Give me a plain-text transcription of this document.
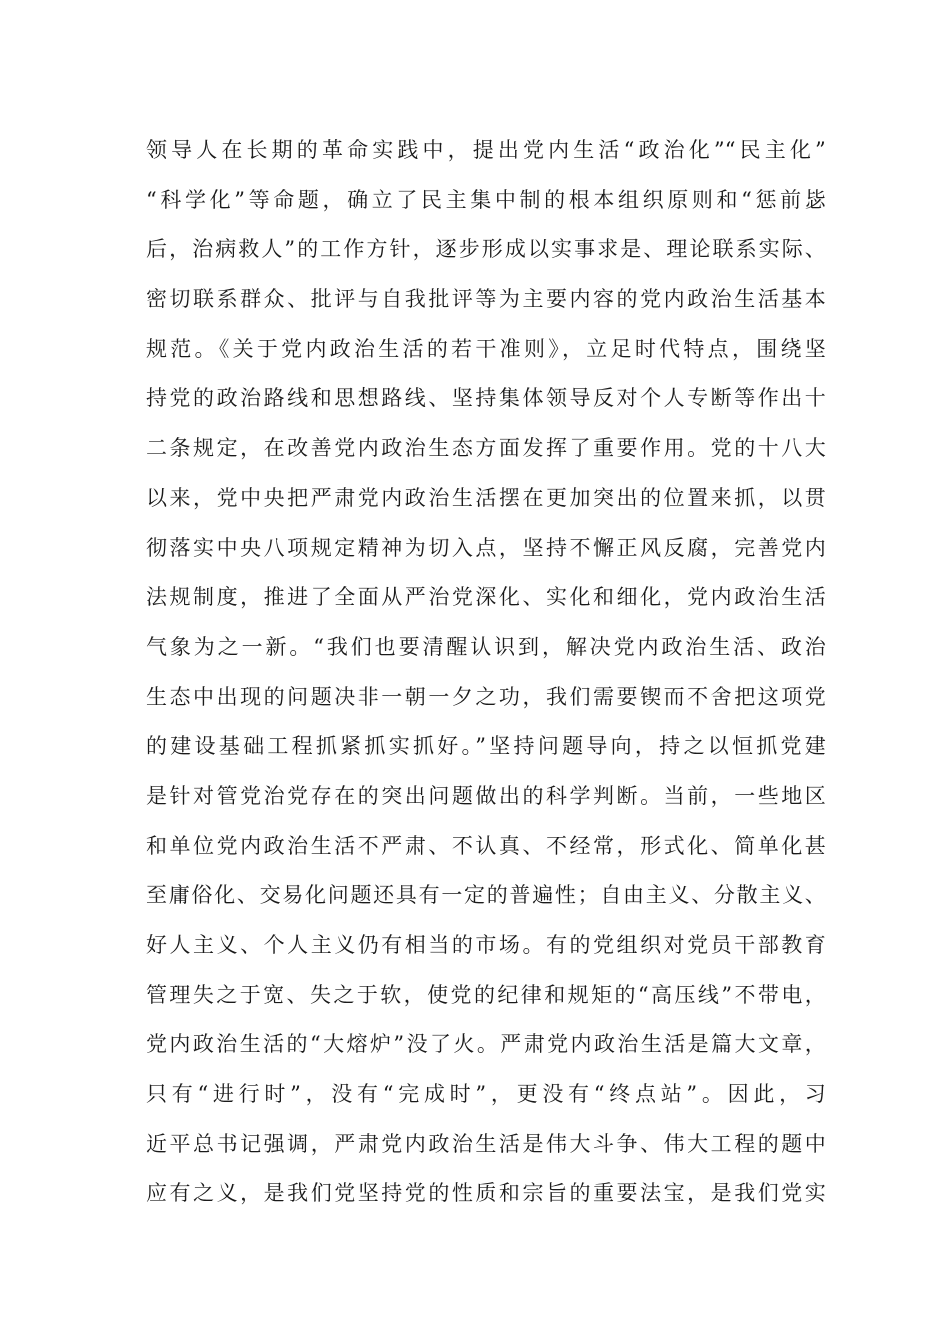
领导人在长期的革命实践中，提出党内生活“政治化”“民主化”
“科学化”等命题，确立了民主集中制的根本组织原则和“惩前毖
后，治病救人”的工作方针，逐步形成以实事求是、理论联系实际、
密切联系群众、批评与自我批评等为主要内容的党内政治生活基本
规范。《关于党内政治生活的若干准则》，立足时代特点，围绕坚
持党的政治路线和思想路线、坚持集体领导反对个人专断等作出十
二条规定，在改善党内政治生态方面发挥了重要作用。党的十八大
以来，党中央把严肃党内政治生活摆在更加突出的位置来抓，以贯
彻落实中央八项规定精神为切入点，坚持不懈正风反腐，完善党内
法规制度，推进了全面从严治党深化、实化和细化，党内政治生活
气象为之一新。“我们也要清醒认识到，解决党内政治生活、政治
生态中出现的问题决非一朝一夕之功，我们需要锲而不舍把这项党
的建设基础工程抓紧抓实抓好。”坚持问题导向，持之以恒抓党建
是针对管党治党存在的突出问题做出的科学判断。当前，一些地区
和单位党内政治生活不严肃、不认真、不经常，形式化、简单化甚
至庸俗化、交易化问题还具有一定的普遍性；自由主义、分散主义、
好人主义、个人主义仍有相当的市场。有的党组织对党员干部教育
管理失之于宽、失之于软，使党的纪律和规矩的“高压线”不带电，
党内政治生活的“大熔炉”没了火。严肃党内政治生活是篇大文章，
只有“进行时”，没有“完成时”，更没有“终点站”。因此，习
近平总书记强调，严肃党内政治生活是伟大斗争、伟大工程的题中
应有之义，是我们党坚持党的性质和宗旨的重要法宝，是我们党实
